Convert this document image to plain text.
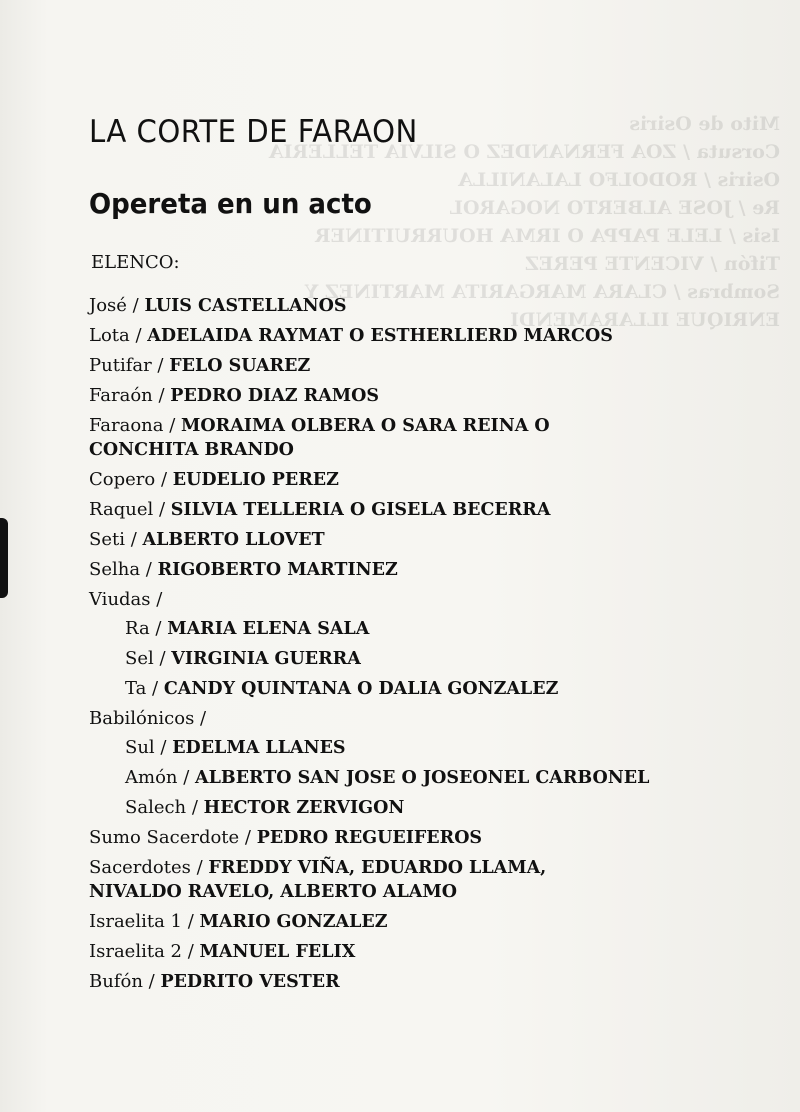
Mito de Osiris
Corsuta / ZOA FERNANDEZ O SILVIA TELLERIA
Osiris / RODOLFO LALANILLA
Re / JOSE ALBERTO NOGAROL
Isis / LELE PAPPA O IRMA HOURRUITINER
Tifón / VICENTE PEREZ
Sombras / CLARA MARGARITA MARTINEZ Y
ENRIQUE ILLARAMENDI
LA CORTE DE FARAON
Opereta en un acto
ELENCO:
José / LUIS CASTELLANOS
Lota / ADELAIDA RAYMAT O ESTHERLIERD MARCOS
Putifar / FELO SUAREZ
Faraón / PEDRO DIAZ RAMOS
Faraona / MORAIMA OLBERA O SARA REINA O CONCHITA BRANDO
Copero / EUDELIO PEREZ
Raquel / SILVIA TELLERIA O GISELA BECERRA
Seti / ALBERTO LLOVET
Selha / RIGOBERTO MARTINEZ
Viudas /
Ra / MARIA ELENA SALA
Sel / VIRGINIA GUERRA
Ta / CANDY QUINTANA O DALIA GONZALEZ
Babilónicos /
Sul / EDELMA LLANES
Amón / ALBERTO SAN JOSE O JOSEONEL CARBONEL
Salech / HECTOR ZERVIGON
Sumo Sacerdote / PEDRO REGUEIFEROS
Sacerdotes / FREDDY VIÑA, EDUARDO LLAMA, NIVALDO RAVELO, ALBERTO ALAMO
Israelita 1 / MARIO GONZALEZ
Israelita 2 / MANUEL FELIX
Bufón / PEDRITO VESTER
